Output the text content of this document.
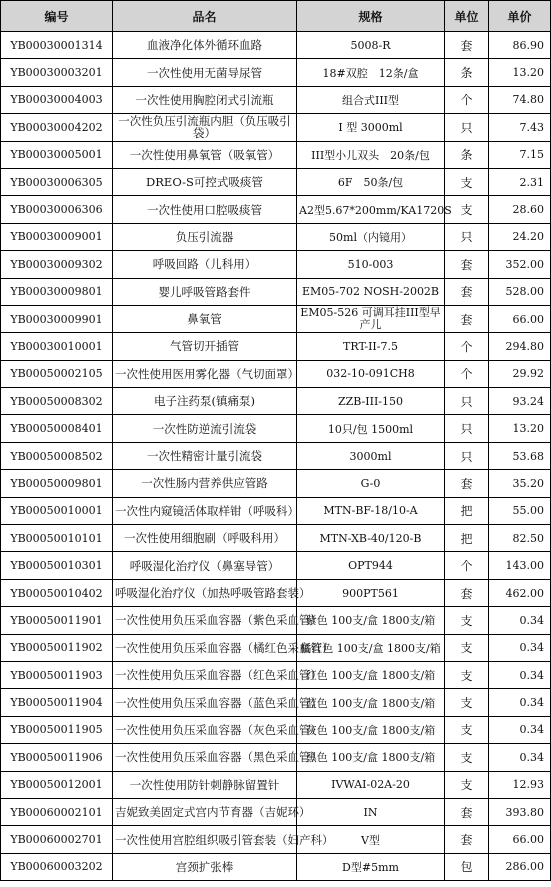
编号	品名	规格	单位	单价
YB00030001314	血液净化体外循环血路	5008-R	套	86.90
YB00030003201	一次性使用无菌导尿管	18#双腔　12条/盒	条	13.20
YB00030004003	一次性使用胸腔闭式引流瓶	组合式III型	个	74.80
YB00030004202	一次性负压引流瓶内胆（负压吸引袋）	I 型 3000ml	只	7.43
YB00030005001	一次性使用鼻氧管（吸氧管）	III型小儿双头　20条/包	条	7.15
YB00030006305	DREO-S可控式吸痰管	6F　50条/包	支	2.31
YB00030006306	一次性使用口腔吸痰管	A2型5.67*200mm/KA1720S	支	28.60
YB00030009001	负压引流器	50ml（内镜用）	只	24.20
YB00030009302	呼吸回路（儿科用）	510-003	套	352.00
YB00030009801	婴儿呼吸管路套件	EM05-702 NOSH-2002B	套	528.00
YB00030009901	鼻氧管	EM05-526 可调耳挂III型早产儿	套	66.00
YB00030010001	气管切开插管	TRT-II-7.5	个	294.80
YB00050002105	一次性使用医用雾化器（气切面罩）	032-10-091CH8	个	29.92
YB00050008302	电子注药泵(镇痛泵)	ZZB-III-150	只	93.24
YB00050008401	一次性防逆流引流袋	10只/包 1500ml	只	13.20
YB00050008502	一次性精密计量引流袋	3000ml	只	53.68
YB00050009801	一次性肠内营养供应管路	G-0	套	35.20
YB00050010001	一次性内窥镜活体取样钳（呼吸科）	MTN-BF-18/10-A	把	55.00
YB00050010101	一次性使用细胞刷（呼吸科用）	MTN-XB-40/120-B	把	82.50
YB00050010301	呼吸湿化治疗仪（鼻塞导管）	OPT944	个	143.00
YB00050010402	呼吸湿化治疗仪（加热呼吸管路套装）	900PT561	套	462.00
YB00050011901	一次性使用负压采血容器（紫色采血管）	紫色 100支/盒 1800支/箱	支	0.34
YB00050011902	一次性使用负压采血容器（橘红色采血管）	橘红色 100支/盒 1800支/箱	支	0.34
YB00050011903	一次性使用负压采血容器（红色采血管）	红色 100支/盒 1800支/箱	支	0.34
YB00050011904	一次性使用负压采血容器（蓝色采血管）	蓝色 100支/盒 1800支/箱	支	0.34
YB00050011905	一次性使用负压采血容器（灰色采血管）	灰色 100支/盒 1800支/箱	支	0.34
YB00050011906	一次性使用负压采血容器（黑色采血管）	黑色 100支/盒 1800支/箱	支	0.34
YB00050012001	一次性使用防针刺静脉留置针	IVWAI-02A-20	支	12.93
YB00060002101	吉妮致美固定式宫内节育器（吉妮环）	IN	套	393.80
YB00060002701	一次性使用宫腔组织吸引管套装（妇产科）	V型	套	66.00
YB00060003202	宫颈扩张棒	D型#5mm	包	286.00
